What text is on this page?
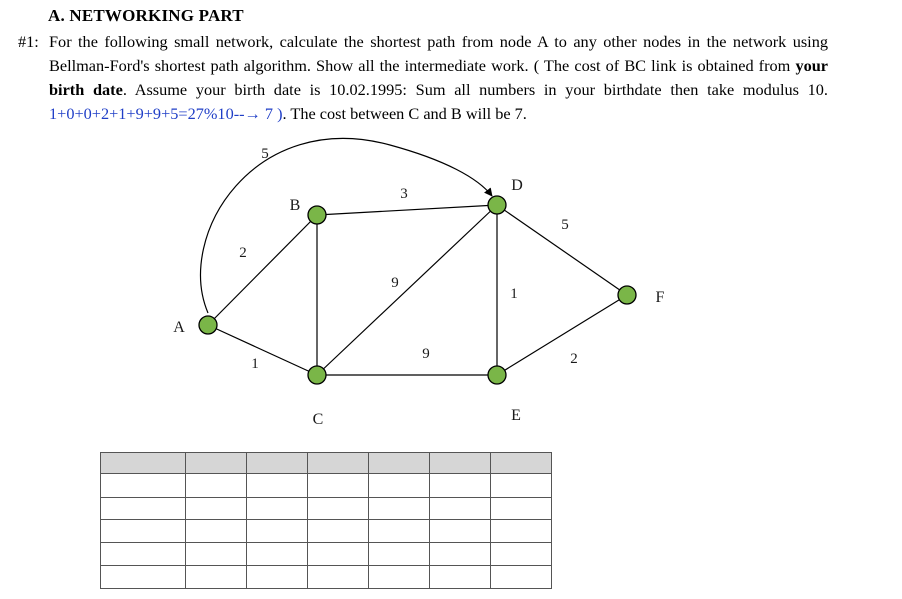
A. NETWORKING PART
#1: For the following small network, calculate the shortest path from node A to any other nodes in the network using Bellman-Ford's shortest path algorithm. Show all the intermediate work. ( The cost of BC link is obtained from your birth date. Assume your birth date is 10.02.1995: Sum all numbers in your birthdate then take modulus 10. 1+0+0+2+1+9+9+5=27%10--→ 7 ). The cost between C and B will be 7.
2
1
5
3
9
9
1
5
2
A
B
C
D
E
F
